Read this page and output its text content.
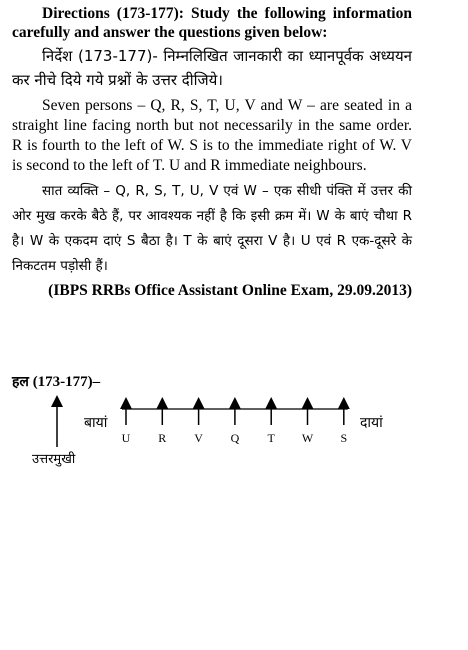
Directions (173-177): Study the following information carefully and answer the questions given below:

निर्देश (173-177)- निम्नलिखित जानकारी का ध्यानपूर्वक अध्ययन कर नीचे दिये गये प्रश्नों के उत्तर दीजिये।

Seven persons – Q, R, S, T, U, V and W – are seated in a straight line facing north but not necessarily in the same order. R is fourth to the left of W. S is to the immediate right of W. V is second to the left of T. U and R immediate neighbours.

सात व्यक्ति – Q, R, S, T, U, V एवं W – एक सीधी पंक्ति में उत्तर की ओर मुख करके बैठे हैं, पर आवश्यक नहीं है कि इसी क्रम में। W के बाएं चौथा R है। W के एकदम दाएं S बैठा है। T के बाएं दूसरा V है। U एवं R एक-दूसरे के निकटतम पड़ोसी हैं।

(IBPS RRBs Office Assistant Online Exam, 29.09.2013)

हल (173-177)–
उत्तरमुखी
बायां	दायां
U R V Q T W S
